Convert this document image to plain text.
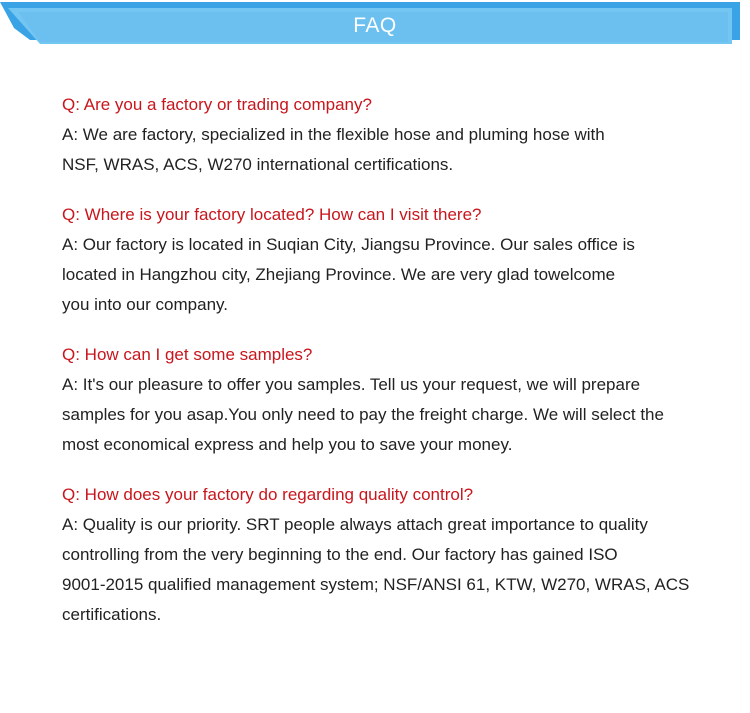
FAQ
Q: Are you a factory or trading company?
A: We are factory, specialized in the flexible hose and pluming hose with
NSF, WRAS, ACS, W270 international certifications.
Q: Where is your factory located? How can I visit there?
A: Our factory is located in Suqian City, Jiangsu Province. Our sales office is
located in Hangzhou city, Zhejiang Province. We are very glad towelcome
you into our company.
Q: How can I get some samples?
A: It's our pleasure to offer you samples. Tell us your request, we will prepare
samples for you asap.You only need to pay the freight charge. We will select the
most economical express and help you to save your money.
Q: How does your factory do regarding quality control?
A: Quality is our priority. SRT people always attach great importance to quality
controlling from the very beginning to the end. Our factory has gained ISO
9001-2015 qualified management system; NSF/ANSI 61, KTW, W270, WRAS, ACS
certifications.
